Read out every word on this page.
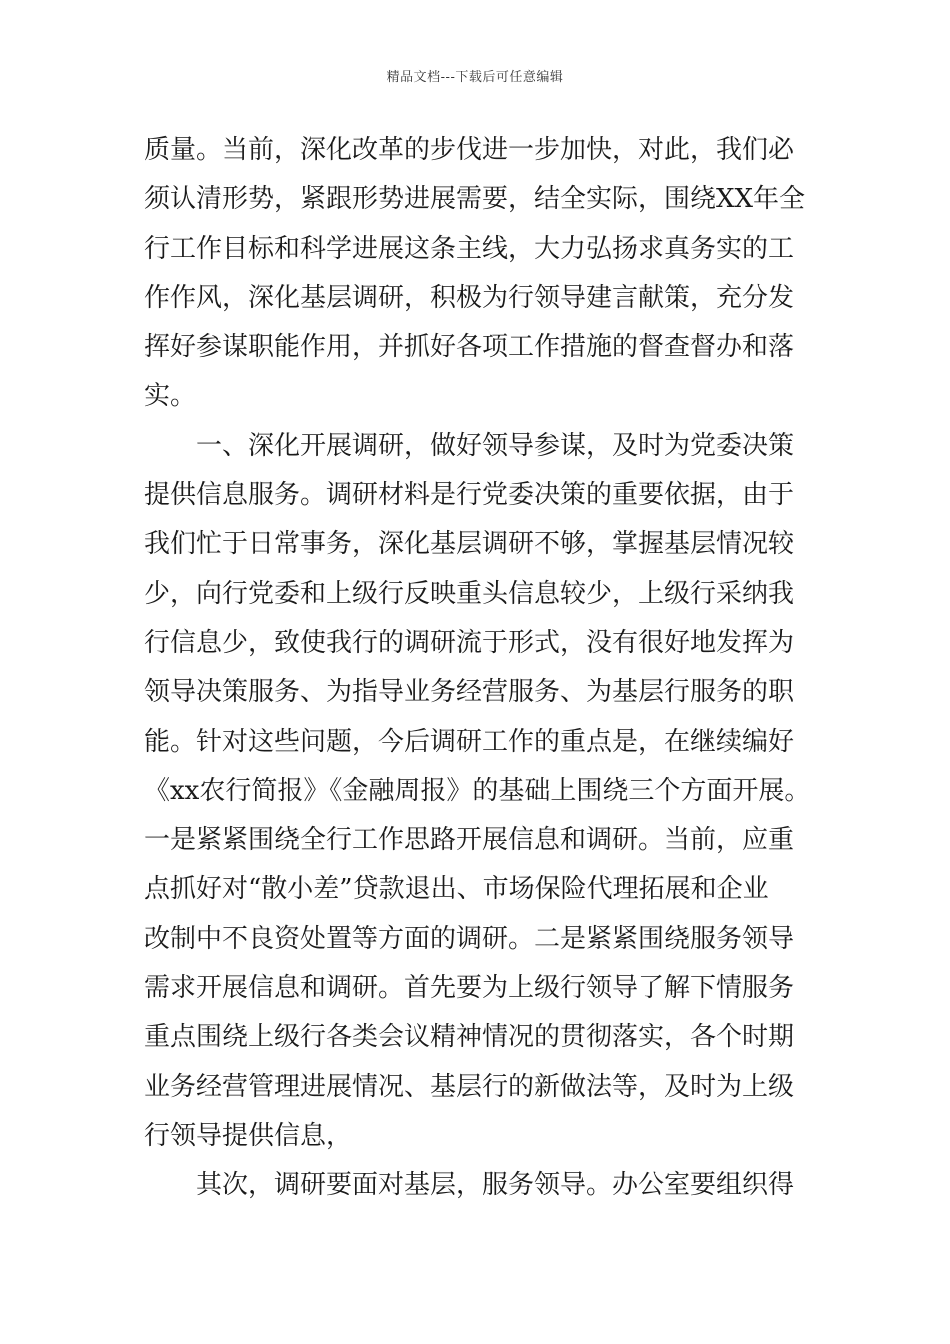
精品文档---下载后可任意编辑
质量。当前，深化改革的步伐进一步加快，对此，我们必
须认清形势，紧跟形势进展需要，结全实际，围绕XX年全
行工作目标和科学进展这条主线，大力弘扬求真务实的工
作作风，深化基层调研，积极为行领导建言献策，充分发
挥好参谋职能作用，并抓好各项工作措施的督查督办和落
实。
一、深化开展调研，做好领导参谋，及时为党委决策
提供信息服务。调研材料是行党委决策的重要依据，由于
我们忙于日常事务，深化基层调研不够，掌握基层情况较
少，向行党委和上级行反映重头信息较少，上级行采纳我
行信息少，致使我行的调研流于形式，没有很好地发挥为
领导决策服务、为指导业务经营服务、为基层行服务的职
能。针对这些问题，今后调研工作的重点是，在继续编好
《xx农行简报》《金融周报》的基础上围绕三个方面开展。
一是紧紧围绕全行工作思路开展信息和调研。当前，应重
点抓好对“散小差”贷款退出、市场保险代理拓展和企业
改制中不良资处置等方面的调研。二是紧紧围绕服务领导
需求开展信息和调研。首先要为上级行领导了解下情服务
重点围绕上级行各类会议精神情况的贯彻落实，各个时期
业务经营管理进展情况、基层行的新做法等，及时为上级
行领导提供信息，
其次，调研要面对基层，服务领导。办公室要组织得
